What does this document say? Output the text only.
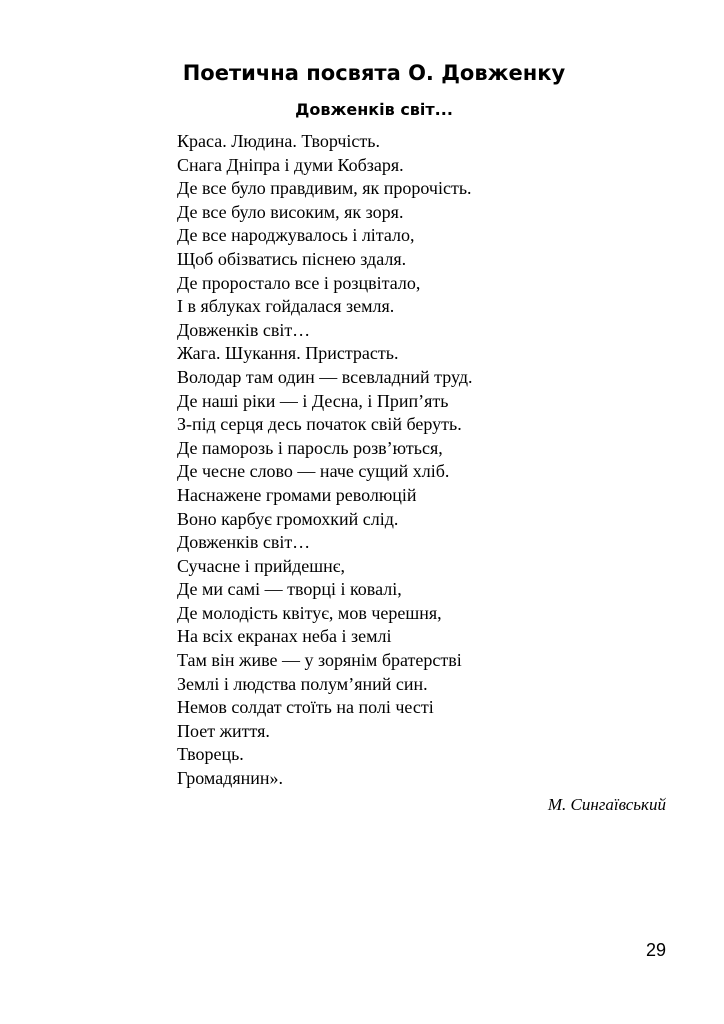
Поетична посвята О. Довженку
Довженків світ...
Краса. Людина. Творчість.
Снага Дніпра і думи Кобзаря.
Де все було правдивим, як пророчість.
Де все було високим, як зоря.
Де все народжувалось і літало,
Щоб обізватись піснею здаля.
Де проростало все і розцвітало,
І в яблуках гойдалася земля.
Довженків світ…
Жага. Шукання. Пристрасть.
Володар там один — всевладний труд.
Де наші ріки — і Десна, і Прип’ять
З-під серця десь початок свій беруть.
Де паморозь і паросль розв’ються,
Де чесне слово — наче сущий хліб.
Наснажене громами революцій
Воно карбує громохкий слід.
Довженків світ…
Сучасне і прийдешнє,
Де ми самі — творці і ковалі,
Де молодість квітує, мов черешня,
На всіх екранах неба і землі
Там він живе — у зорянім братерстві
Землі і людства полум’яний син.
Немов солдат стоїть на полі честі
Поет життя.
Творець.
Громадянин».
М. Сингаївський
29
